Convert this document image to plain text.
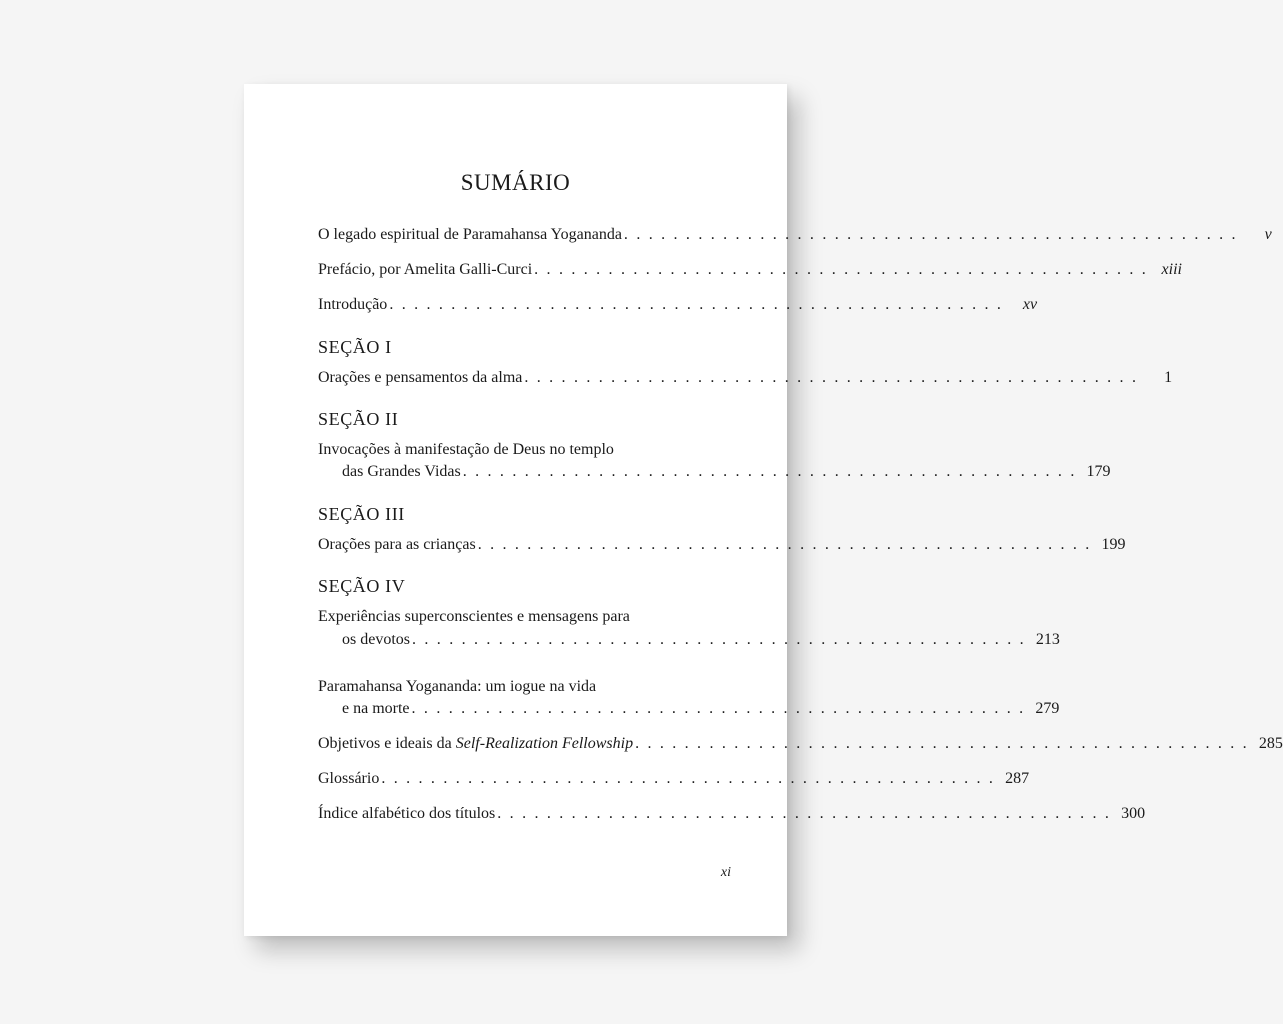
SUMÁRIO
O legado espiritual de Paramahansa Yogananda . . . . . . . . . . . . . . . . . . . . . . . . . . . . . . . . . . . . . . . . . . . . . . . . . .	v
Prefácio, por Amelita Galli-Curci . . . . . . . . . . . . . . . . . . . . . . . . . . . . . . . . . . . . . . . . . . . . . . . . . . xiii
Introdução . . . . . . . . . . . . . . . . . . . . . . . . . . . . . . . . . . . . . . . . . . . . . . . . . .	xv
SEÇÃO I
Orações e pensamentos da alma . . . . . . . . . . . . . . . . . . . . . . . . . . . . . . . . . . . . . . . . . . . . . . . . . .	1
SEÇÃO II
Invocações à manifestação de Deus no templo
das Grandes Vidas . . . . . . . . . . . . . . . . . . . . . . . . . . . . . . . . . . . . . . . . . . . . . . . . . . 179
SEÇÃO III
Orações para as crianças . . . . . . . . . . . . . . . . . . . . . . . . . . . . . . . . . . . . . . . . . . . . . . . . . . 199
SEÇÃO IV
Experiências superconscientes e mensagens para
os devotos . . . . . . . . . . . . . . . . . . . . . . . . . . . . . . . . . . . . . . . . . . . . . . . . . . 213
Paramahansa Yogananda: um iogue na vida
e na morte . . . . . . . . . . . . . . . . . . . . . . . . . . . . . . . . . . . . . . . . . . . . . . . . . . 279
Objetivos e ideais da Self-Realization Fellowship . . . . . . . . . . . . . . . . . . . . . . . . . . . . . . . . . . . . . . . . . . . . . . . . . . 285
Glossário . . . . . . . . . . . . . . . . . . . . . . . . . . . . . . . . . . . . . . . . . . . . . . . . . . 287
Índice alfabético dos títulos . . . . . . . . . . . . . . . . . . . . . . . . . . . . . . . . . . . . . . . . . . . . . . . . . . 300
xi
